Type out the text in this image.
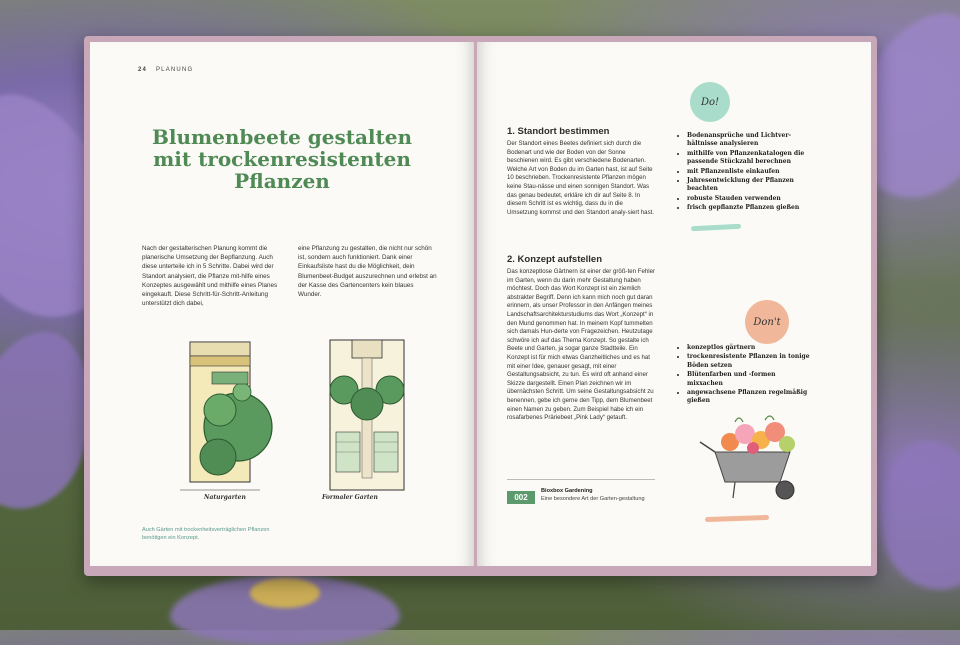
24 PLANUNG
Blumenbeete gestalten mit trockenresistenten Pflanzen
Nach der gestalterischen Planung kommt die planerische Umsetzung der Bepflanzung. Auch diese unterteile ich in 5 Schritte. Dabei wird der Standort analysiert, die Pflanze mit-hilfe eines Konzeptes ausgewählt und mithilfe eines Planes eingekauft. Diese Schritt-für-Schritt-Anleitung unterstützt dich dabei,
eine Pflanzung zu gestalten, die nicht nur schön ist, sondern auch funktioniert. Dank einer Einkaufsliste hast du die Möglichkeit, dein Blumenbeet-Budget auszurechnen und erlebst an der Kasse des Gartencenters kein blaues Wunder.
Naturgarten	Formaler Garten
Auch Gärten mit trockenheitsverträglichen Pflanzen benötigen ein Konzept.
1. Standort bestimmen
Der Standort eines Beetes definiert sich durch die Bodenart und wie der Boden von der Sonne beschienen wird. Es gibt verschiedene Bodenarten. Welche Art von Boden du im Garten hast, ist auf Seite 10 beschrieben. Trockenresistente Pflanzen mögen keine Stau-nässe und einen sonnigen Standort. Was das genau bedeutet, erkläre ich dir auf Seite 8. In diesem Schritt ist es wichtig, dass du in die Umsetzung kommst und den Standort analy-siert hast.
2. Konzept aufstellen
Das konzeptlose Gärtnern ist einer der größ-ten Fehler im Garten, wenn du darin mehr Gestaltung haben möchtest. Doch das Wort Konzept ist ein ziemlich abstrakter Begriff. Denn ich kann mich noch gut daran erinnern, als unser Professor in den Anfängen meines Landschaftsarchitekturstudiums das Wort „Konzept“ in den Mund genommen hat. In meinem Kopf tummelten sich damals Hun-derte von Fragezeichen. Heutzutage schwöre ich auf das Thema Konzept. So gestalte ich Beete und Garten, ja sogar ganze Stadtteile. Ein Konzept ist für mich etwas Ganzheitliches und es hat mit einer Idee, genauer gesagt, mit einer Gestaltungsabsicht, zu tun. Es wird oft anhand einer Skizze dargestellt. Einen Plan zeichnen wir im übernächsten Schritt. Um seine Gestaltungsabsicht zu benennen, gebe ich gerne den Tipp, dem Blumenbeet einen Namen zu geben. Zum Beispiel habe ich ein rosafarbenes Präriebeet „Pink Lady“ getauft.
002
Bioxbox Gardening
Eine besondere Art der Garten-gestaltung
Do!
• Bodenansprüche und Lichtver-hältnisse analysieren
• mithilfe von Pflanzenkatalogen die passende Stückzahl berechnen
• mit Pflanzenliste einkaufen
• Jahresentwicklung der Pflanzen beachten
• robuste Stauden verwenden
• frisch gepflanzte Pflanzen gießen
Don't
• konzeptlos gärtnern
• trockenresistente Pflanzen in tonige Böden setzen
• Blütenfarben und -formen mixxachen
• angewachsene Pflanzen regelmäßig gießen
